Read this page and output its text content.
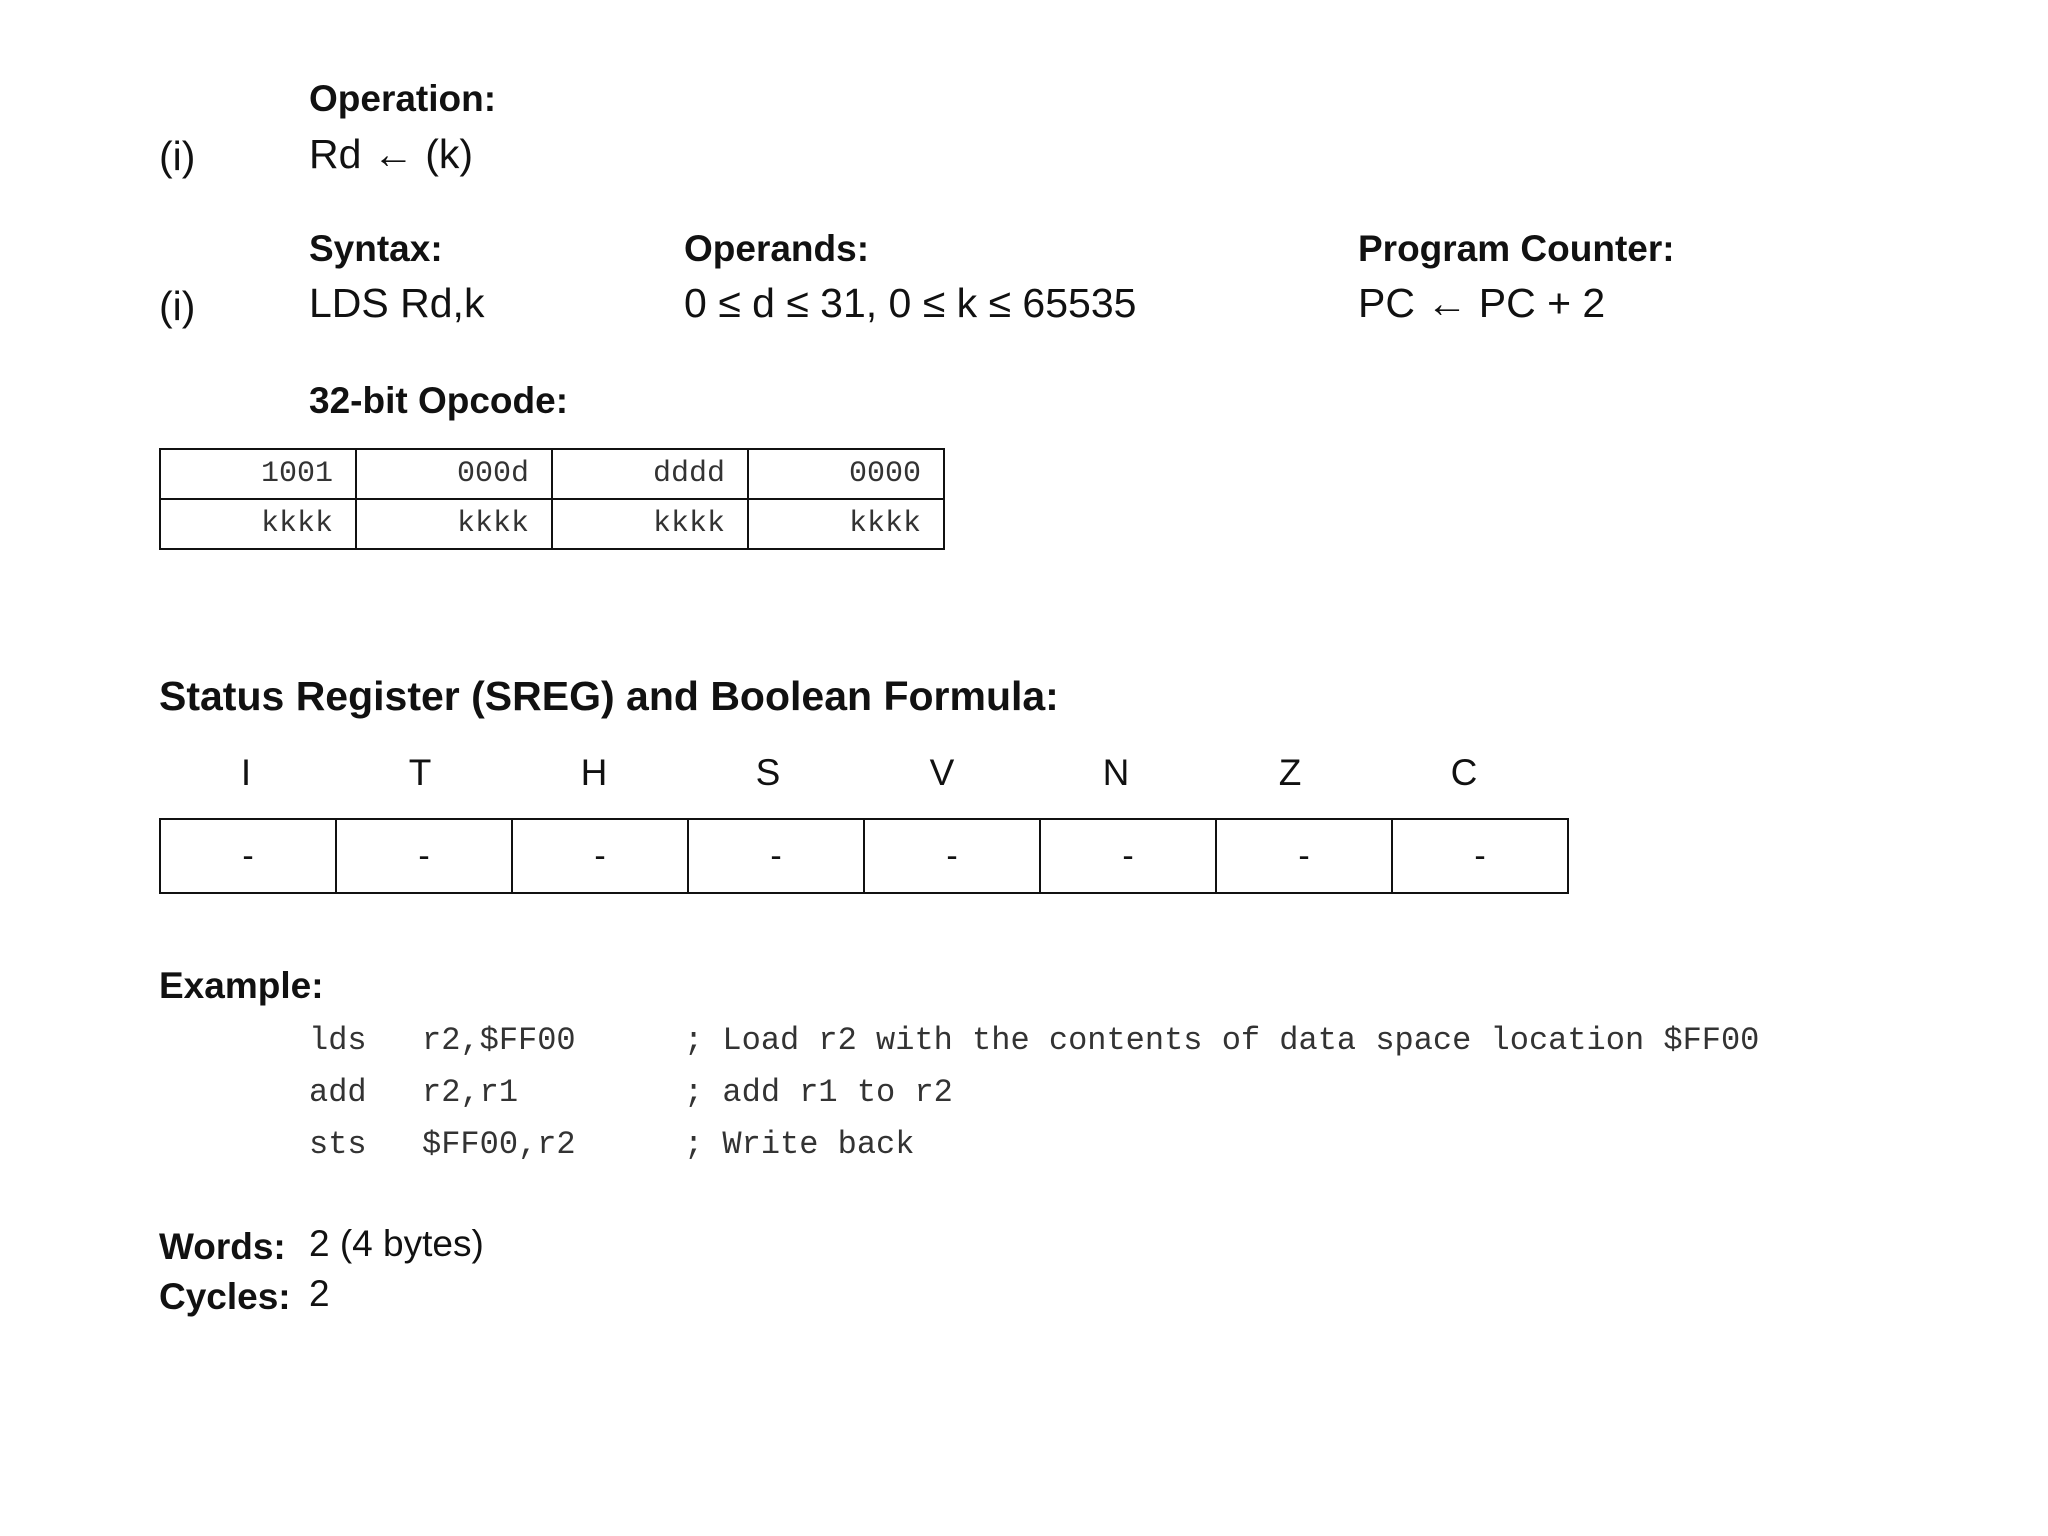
Operation:
(i)	Rd ← (k)
Syntax:	Operands:	Program Counter:
(i)	LDS Rd,k	0 ≤ d ≤ 31, 0 ≤ k ≤ 65535	PC ← PC + 2
32-bit Opcode:
1001	000d	dddd	0000
kkkk	kkkk	kkkk	kkkk
Status Register (SREG) and Boolean Formula:
I	T	H	S	V	N	Z	C
-	-	-	-	-	-	-	-
Example:
lds r2,$FF00	; Load r2 with the contents of data space location $FF00
add r2,r1	; add r1 to r2
sts $FF00,r2	; Write back
Words: 2 (4 bytes)
Cycles: 2
